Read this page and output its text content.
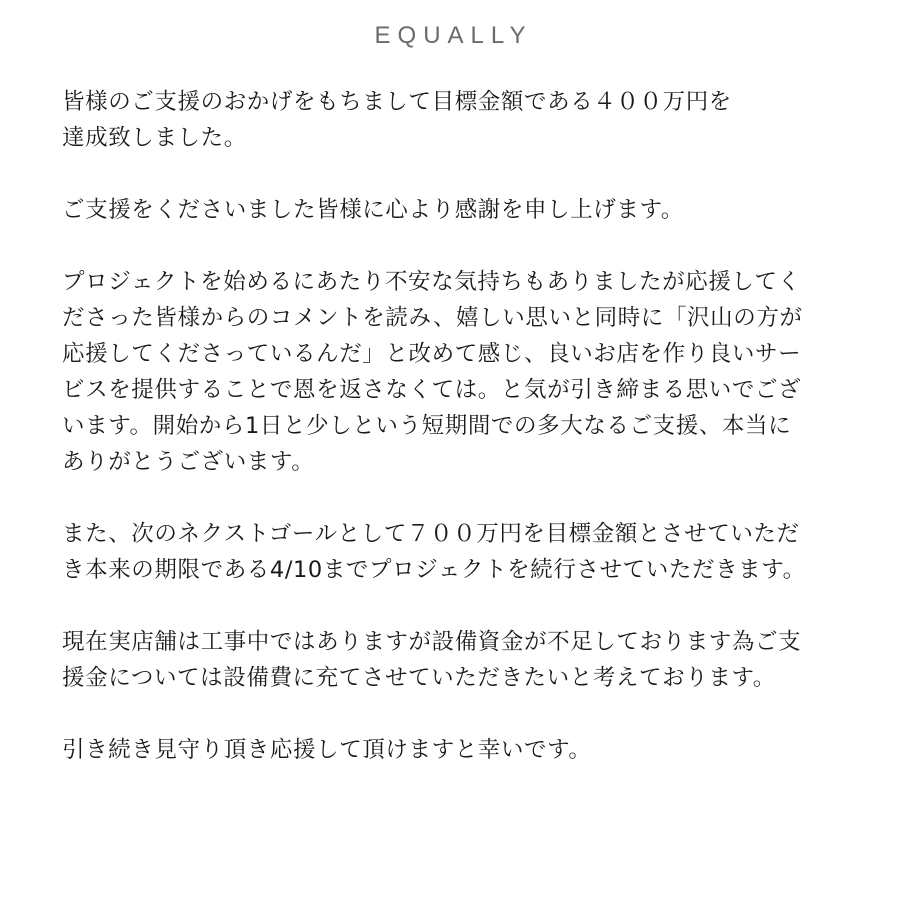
EQUALLY

皆様のご支援のおかげをもちまして目標金額である４００万円を
達成致しました。

ご支援をくださいました皆様に心より感謝を申し上げます。

プロジェクトを始めるにあたり不安な気持ちもありましたが応援してく
ださった皆様からのコメントを読み、嬉しい思いと同時に「沢山の方が
応援してくださっているんだ」と改めて感じ、良いお店を作り良いサー
ビスを提供することで恩を返さなくては。と気が引き締まる思いでござ
います。開始から1日と少しという短期間での多大なるご支援、本当に
ありがとうございます。

また、次のネクストゴールとして７００万円を目標金額とさせていただ
き本来の期限である4/10までプロジェクトを続行させていただきます。

現在実店舗は工事中ではありますが設備資金が不足しております為ご支
援金については設備費に充てさせていただきたいと考えております。

引き続き見守り頂き応援して頂けますと幸いです。
